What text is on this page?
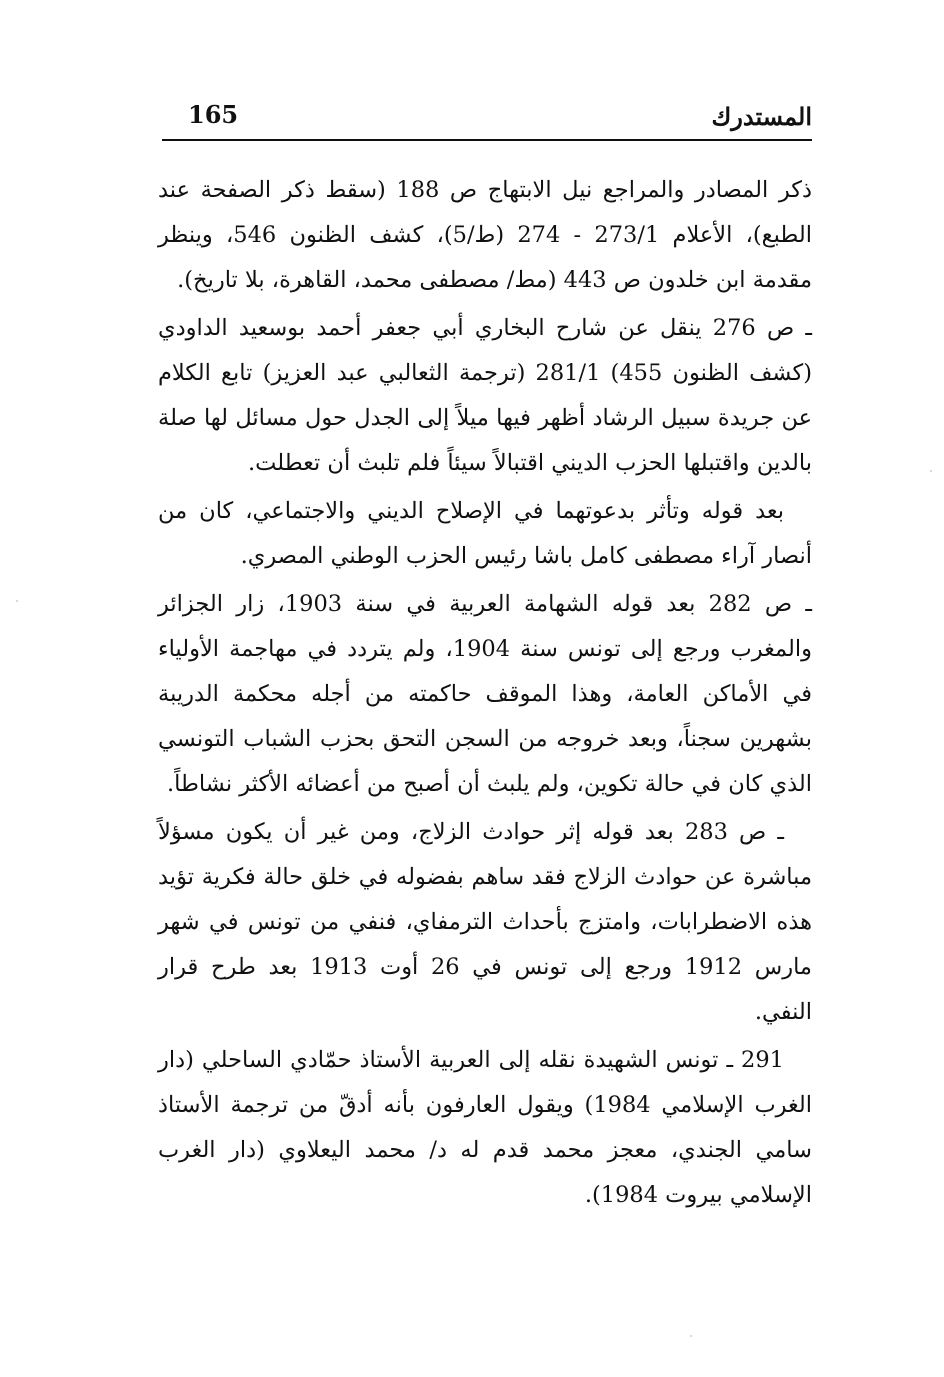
المستدرك
165

ذكر المصادر والمراجع نيل الابتهاج ص 188 (سقط ذكر الصفحة عند الطبع)، الأعلام 273/1 - 274 (ط/5)، كشف الظنون 546، وينظر مقدمة ابن خلدون ص 443 (مط/ مصطفى محمد، القاهرة، بلا تاريخ).

ـ ص 276 ينقل عن شارح البخاري أبي جعفر أحمد بوسعيد الداودي (كشف الظنون 455) 281/1 (ترجمة الثعالبي عبد العزيز) تابع الكلام عن جريدة سبيل الرشاد أظهر فيها ميلاً إلى الجدل حول مسائل لها صلة بالدين واقتبلها الحزب الديني اقتبالاً سيئاً فلم تلبث أن تعطلت.

بعد قوله وتأثر بدعوتهما في الإصلاح الديني والاجتماعي، كان من أنصار آراء مصطفى كامل باشا رئيس الحزب الوطني المصري.

ـ ص 282 بعد قوله الشهامة العربية في سنة 1903، زار الجزائر والمغرب ورجع إلى تونس سنة 1904، ولم يتردد في مهاجمة الأولياء في الأماكن العامة، وهذا الموقف حاكمته من أجله محكمة الدريبة بشهرين سجناً، وبعد خروجه من السجن التحق بحزب الشباب التونسي الذي كان في حالة تكوين، ولم يلبث أن أصبح من أعضائه الأكثر نشاطاً.

ـ ص 283 بعد قوله إثر حوادث الزلاج، ومن غير أن يكون مسؤلاً مباشرة عن حوادث الزلاج فقد ساهم بفضوله في خلق حالة فكرية تؤيد هذه الاضطرابات، وامتزج بأحداث الترمفاي، فنفي من تونس في شهر مارس 1912 ورجع إلى تونس في 26 أوت 1913 بعد طرح قرار النفي.

291 ـ تونس الشهيدة نقله إلى العربية الأستاذ حمّادي الساحلي (دار الغرب الإسلامي 1984) ويقول العارفون بأنه أدقّ من ترجمة الأستاذ سامي الجندي، معجز محمد قدم له د/ محمد اليعلاوي (دار الغرب الإسلامي بيروت 1984).
